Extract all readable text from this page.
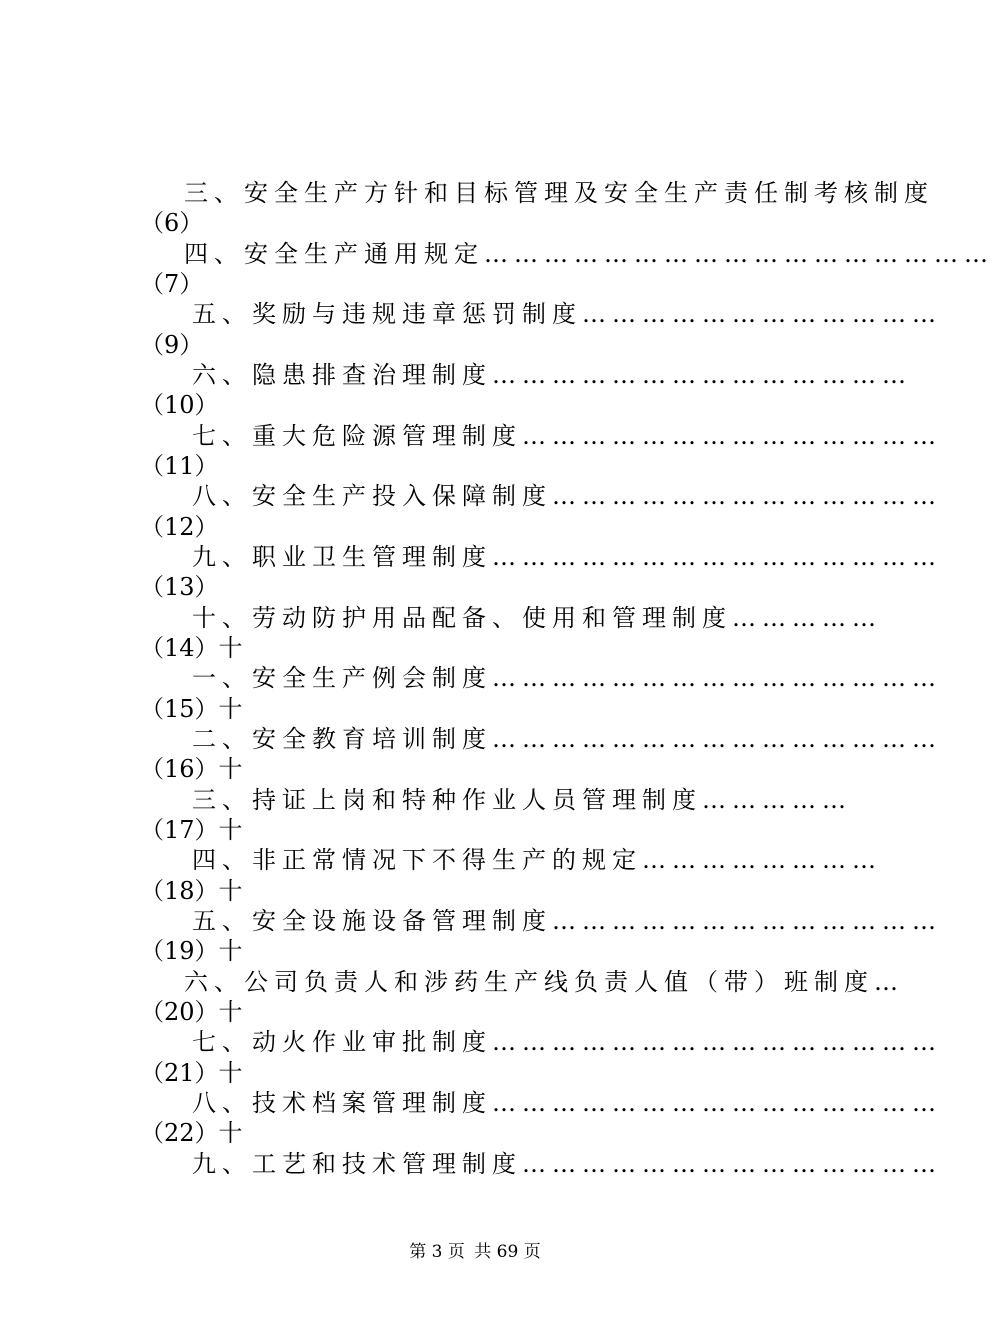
三、安全生产方针和目标管理及安全生产责任制考核制度
（6）
四、安全生产通用规定……………………………………………
（7）
五、奖励与违规违章惩罚制度………………………………
（9）
六、隐患排查治理制度……………………………………
（10）
七、重大危险源管理制度……………………………………
（11）
八、安全生产投入保障制度…………………………………
（12）
九、职业卫生管理制度………………………………………
（13）
十、劳动防护用品配备、使用和管理制度……………
（14）十
一、安全生产例会制度………………………………………
（15）十
二、安全教育培训制度………………………………………
（16）十
三、持证上岗和特种作业人员管理制度……………
（17）十
四、非正常情况下不得生产的规定……………………
（18）十
五、安全设施设备管理制度…………………………………
（19）十
六、公司负责人和涉药生产线负责人值（带）班制度…
（20）十
七、动火作业审批制度………………………………………
（21）十
八、技术档案管理制度………………………………………
（22）十
九、工艺和技术管理制度……………………………………
第 3 页 共 69 页
